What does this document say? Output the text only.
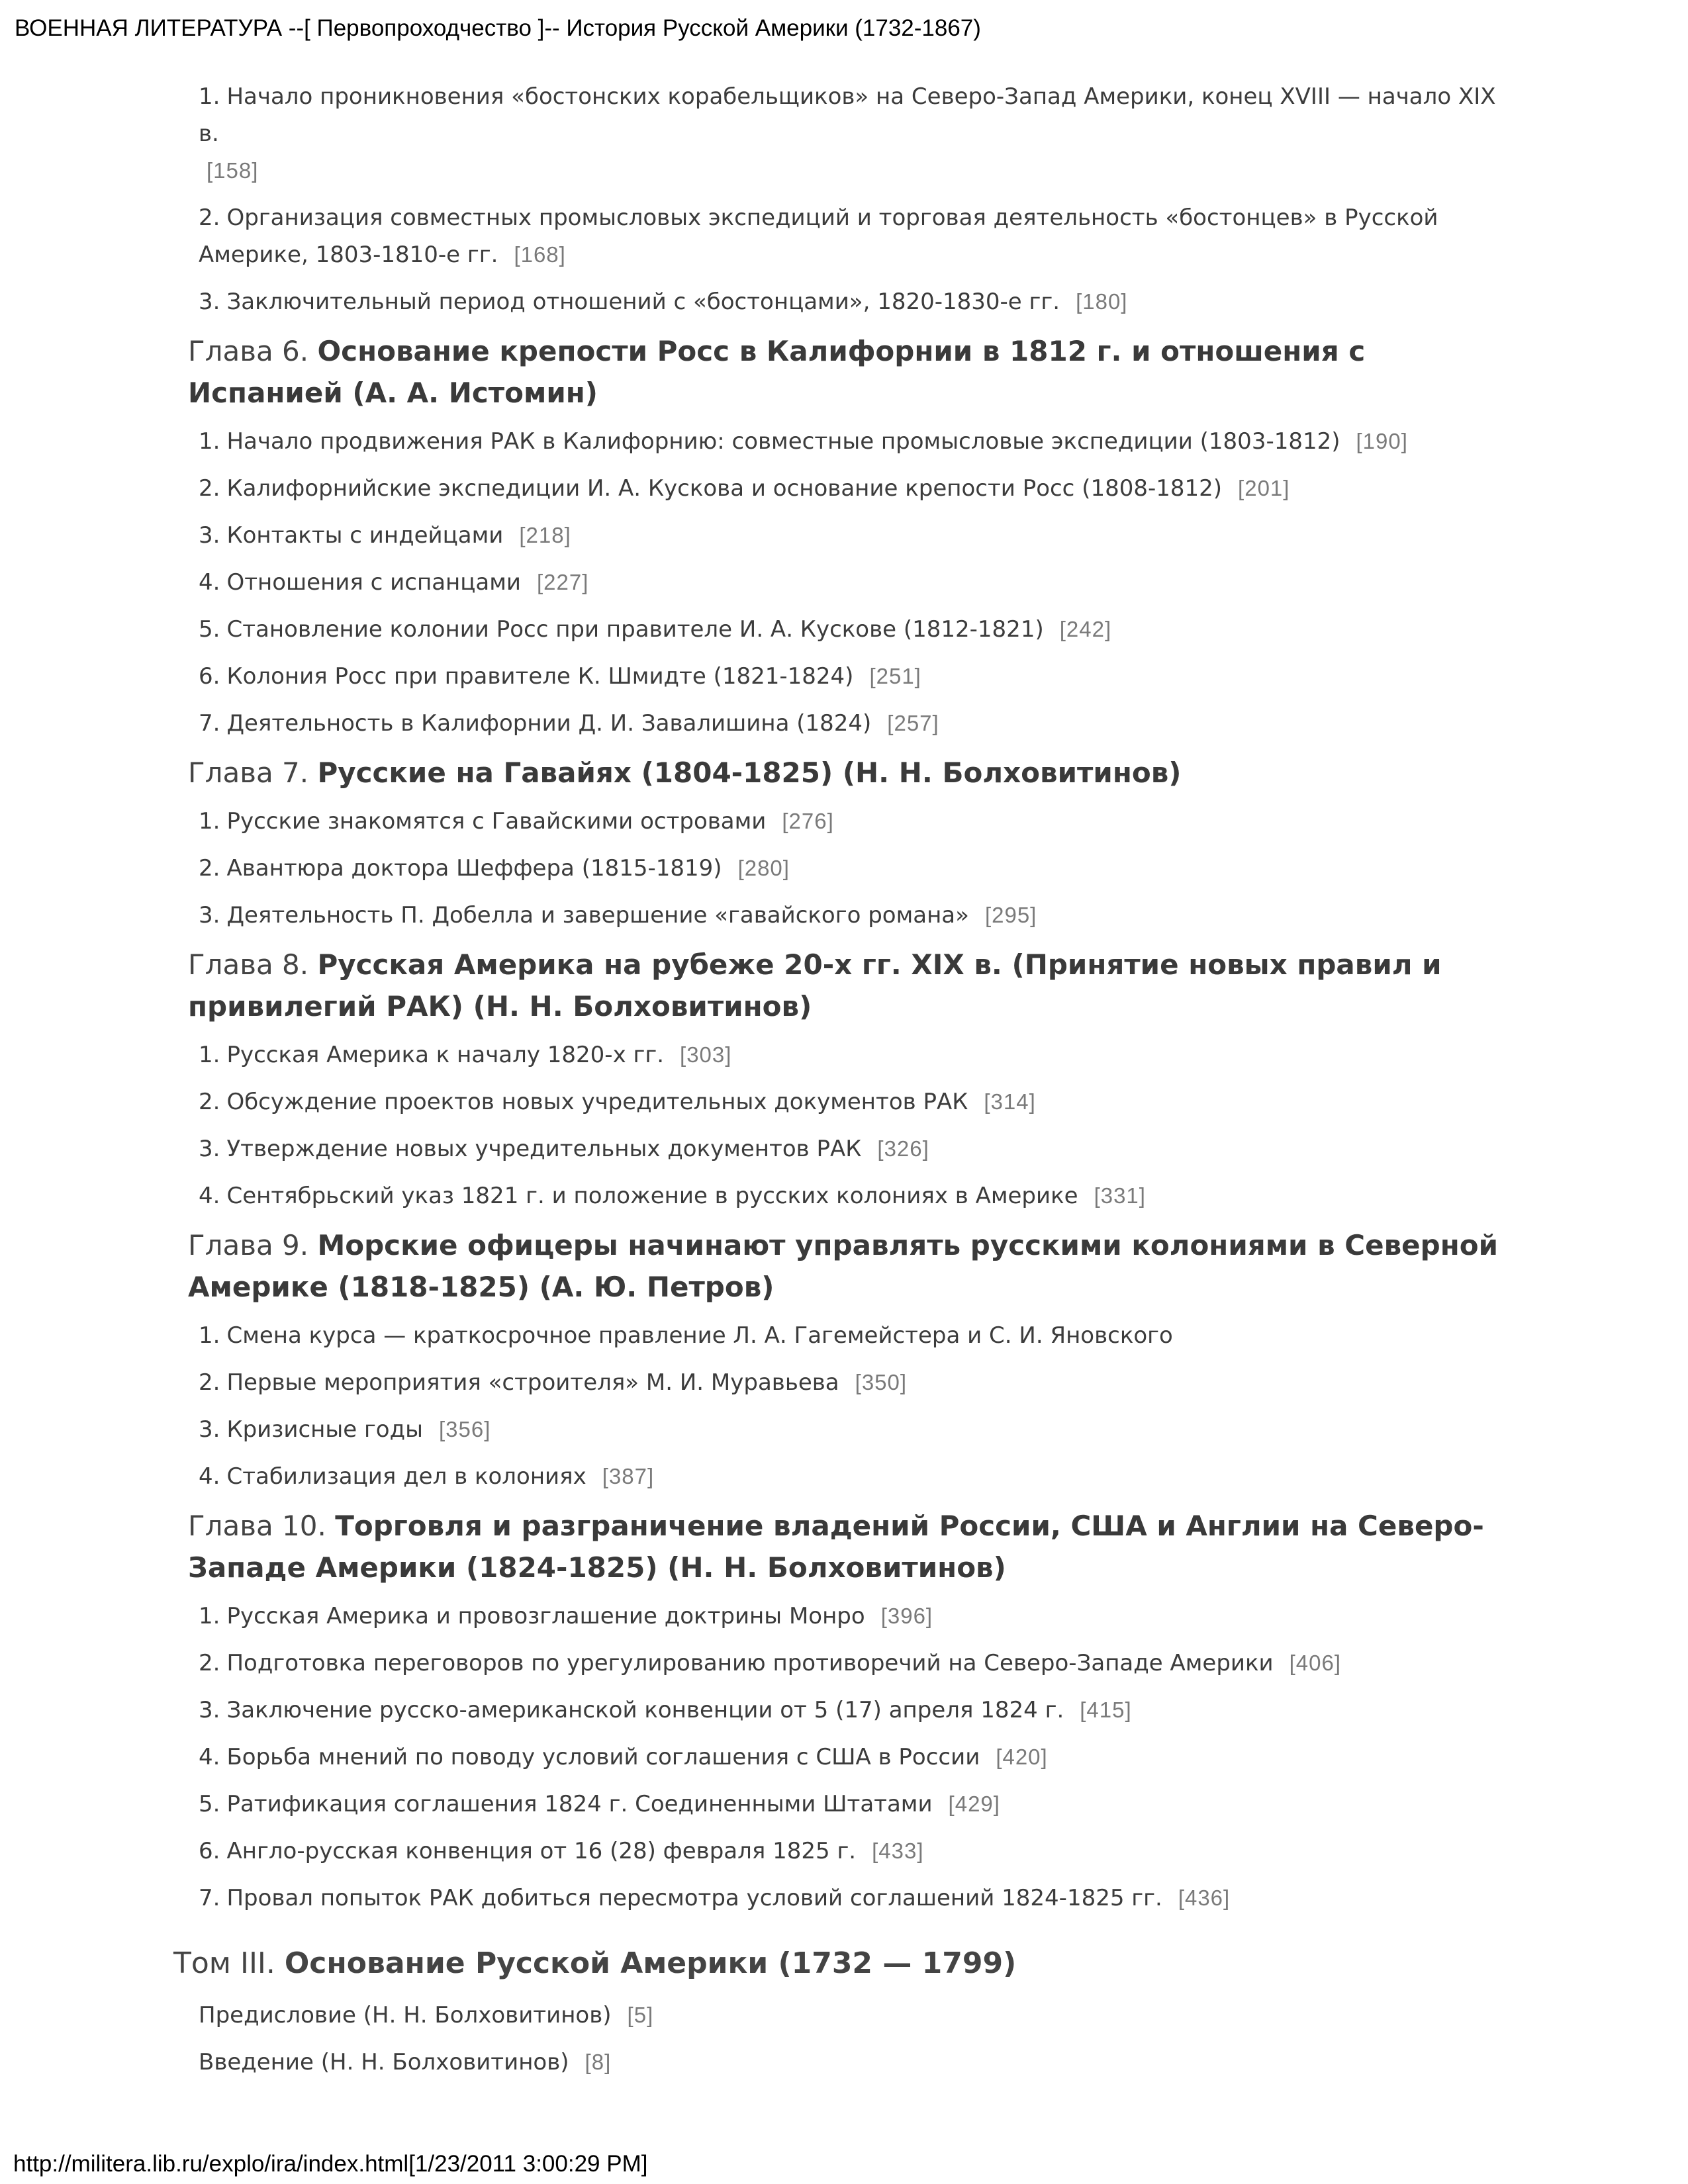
ВОЕННАЯ ЛИТЕРАТУРА --[ Первопроходчество ]-- История Русской Америки (1732-1867)
1. Начало проникновения «бостонских корабельщиков» на Северо-Запад Америки, конец XVIII — начало XIX в.
[158]
2. Организация совместных промысловых экспедиций и торговая деятельность «бостонцев» в Русской Америке, 1803-1810-е гг. [168]
3. Заключительный период отношений с «бостонцами», 1820-1830-е гг. [180]
Глава 6. Основание крепости Росс в Калифорнии в 1812 г. и отношения с Испанией (А. А. Истомин)
1. Начало продвижения РАК в Калифорнию: совместные промысловые экспедиции (1803-1812) [190]
2. Калифорнийские экспедиции И. А. Кускова и основание крепости Росс (1808-1812) [201]
3. Контакты с индейцами [218]
4. Отношения с испанцами [227]
5. Становление колонии Росс при правителе И. А. Кускове (1812-1821) [242]
6. Колония Росс при правителе К. Шмидте (1821-1824) [251]
7. Деятельность в Калифорнии Д. И. Завалишина (1824) [257]
Глава 7. Русские на Гавайях (1804-1825) (Н. Н. Болховитинов)
1. Русские знакомятся с Гавайскими островами [276]
2. Авантюра доктора Шеффера (1815-1819) [280]
3. Деятельность П. Добелла и завершение «гавайского романа» [295]
Глава 8. Русская Америка на рубеже 20-х гг. XIX в. (Принятие новых правил и привилегий РАК) (Н. Н. Болховитинов)
1. Русская Америка к началу 1820-х гг. [303]
2. Обсуждение проектов новых учредительных документов РАК [314]
3. Утверждение новых учредительных документов РАК [326]
4. Сентябрьский указ 1821 г. и положение в русских колониях в Америке [331]
Глава 9. Морские офицеры начинают управлять русскими колониями в Северной Америке (1818-1825) (А. Ю. Петров)
1. Смена курса — краткосрочное правление Л. А. Гагемейстера и С. И. Яновского
2. Первые мероприятия «строителя» М. И. Муравьева [350]
3. Кризисные годы [356]
4. Стабилизация дел в колониях [387]
Глава 10. Торговля и разграничение владений России, США и Англии на Северо-Западе Америки (1824-1825) (Н. Н. Болховитинов)
1. Русская Америка и провозглашение доктрины Монро [396]
2. Подготовка переговоров по урегулированию противоречий на Северо-Западе Америки [406]
3. Заключение русско-американской конвенции от 5 (17) апреля 1824 г. [415]
4. Борьба мнений по поводу условий соглашения с США в России [420]
5. Ратификация соглашения 1824 г. Соединенными Штатами [429]
6. Англо-русская конвенция от 16 (28) февраля 1825 г. [433]
7. Провал попыток РАК добиться пересмотра условий соглашений 1824-1825 гг. [436]
Том III. Основание Русской Америки (1732 — 1799)
Предисловие (Н. Н. Болховитинов) [5]
Введение (Н. Н. Болховитинов) [8]
http://militera.lib.ru/explo/ira/index.html[1/23/2011 3:00:29 PM]
